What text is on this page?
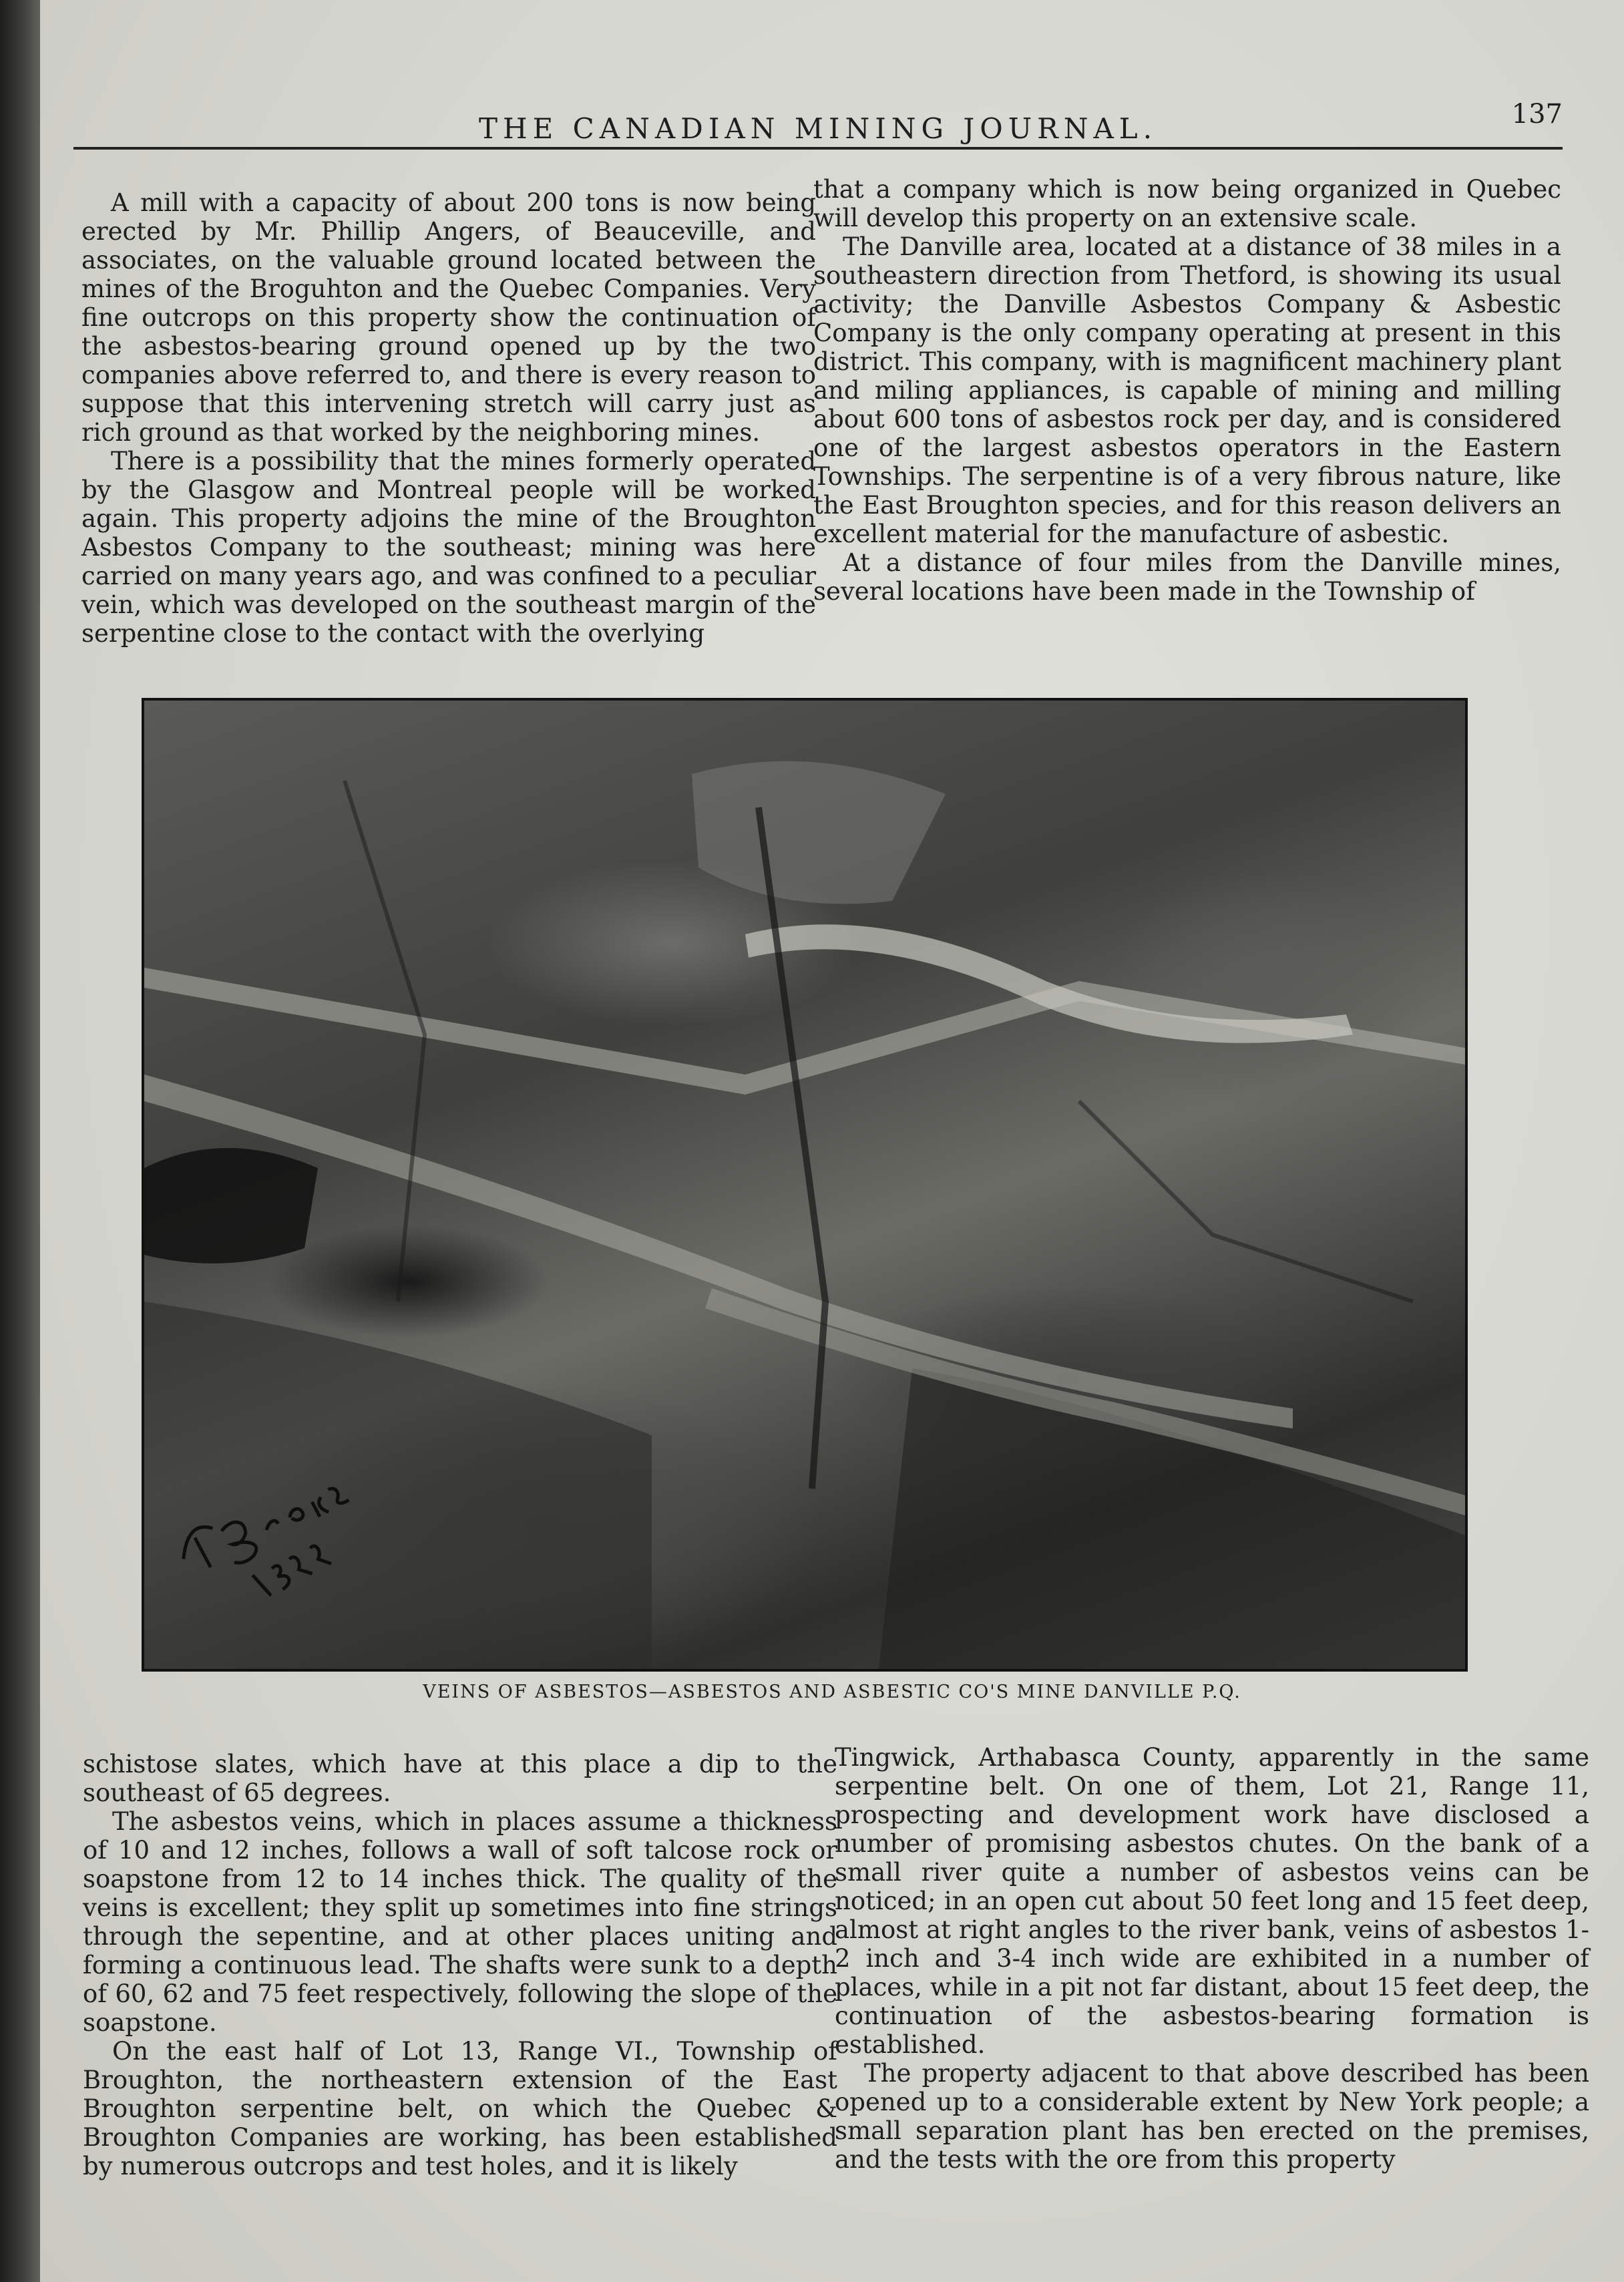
THE CANADIAN MINING JOURNAL.	137

A mill with a capacity of about 200 tons is now being erected by Mr. Phillip Angers, of Beauceville, and associates, on the valuable ground located between the mines of the Broguhton and the Quebec Companies. Very fine outcrops on this property show the continuation of the asbestos-bearing ground opened up by the two companies above referred to, and there is every reason to suppose that this intervening stretch will carry just as rich ground as that worked by the neighboring mines.

There is a possibility that the mines formerly operated by the Glasgow and Montreal people will be worked again. This property adjoins the mine of the Broughton Asbestos Company to the southeast; mining was here carried on many years ago, and was confined to a peculiar vein, which was developed on the southeast margin of the serpentine close to the contact with the overlying

that a company which is now being organized in Quebec will develop this property on an extensive scale.

The Danville area, located at a distance of 38 miles in a southeastern direction from Thetford, is showing its usual activity; the Danville Asbestos Company & Asbestic Company is the only company operating at present in this district. This company, with is magnificent machinery plant and miling appliances, is capable of mining and milling about 600 tons of asbestos rock per day, and is considered one of the largest asbestos operators in the Eastern Townships. The serpentine is of a very fibrous nature, like the East Broughton species, and for this reason delivers an excellent material for the manufacture of asbestic.

At a distance of four miles from the Danville mines, several locations have been made in the Township of

VEINS OF ASBESTOS—ASBESTOS AND ASBESTIC CO'S MINE DANVILLE P.Q.

schistose slates, which have at this place a dip to the southeast of 65 degrees.

The asbestos veins, which in places assume a thickness of 10 and 12 inches, follows a wall of soft talcose rock or soapstone from 12 to 14 inches thick. The quality of the veins is excellent; they split up sometimes into fine strings through the sepentine, and at other places uniting and forming a continuous lead. The shafts were sunk to a depth of 60, 62 and 75 feet respectively, following the slope of the soapstone.

On the east half of Lot 13, Range VI., Township of Broughton, the northeastern extension of the East Broughton serpentine belt, on which the Quebec & Broughton Companies are working, has been established by numerous outcrops and test holes, and it is likely

Tingwick, Arthabasca County, apparently in the same serpentine belt. On one of them, Lot 21, Range 11, prospecting and development work have disclosed a number of promising asbestos chutes. On the bank of a small river quite a number of asbestos veins can be noticed; in an open cut about 50 feet long and 15 feet deep, almost at right angles to the river bank, veins of asbestos 1-2 inch and 3-4 inch wide are exhibited in a number of places, while in a pit not far distant, about 15 feet deep, the continuation of the asbestos-bearing formation is established.

The property adjacent to that above described has been opened up to a considerable extent by New York people; a small separation plant has ben erected on the premises, and the tests with the ore from this property
